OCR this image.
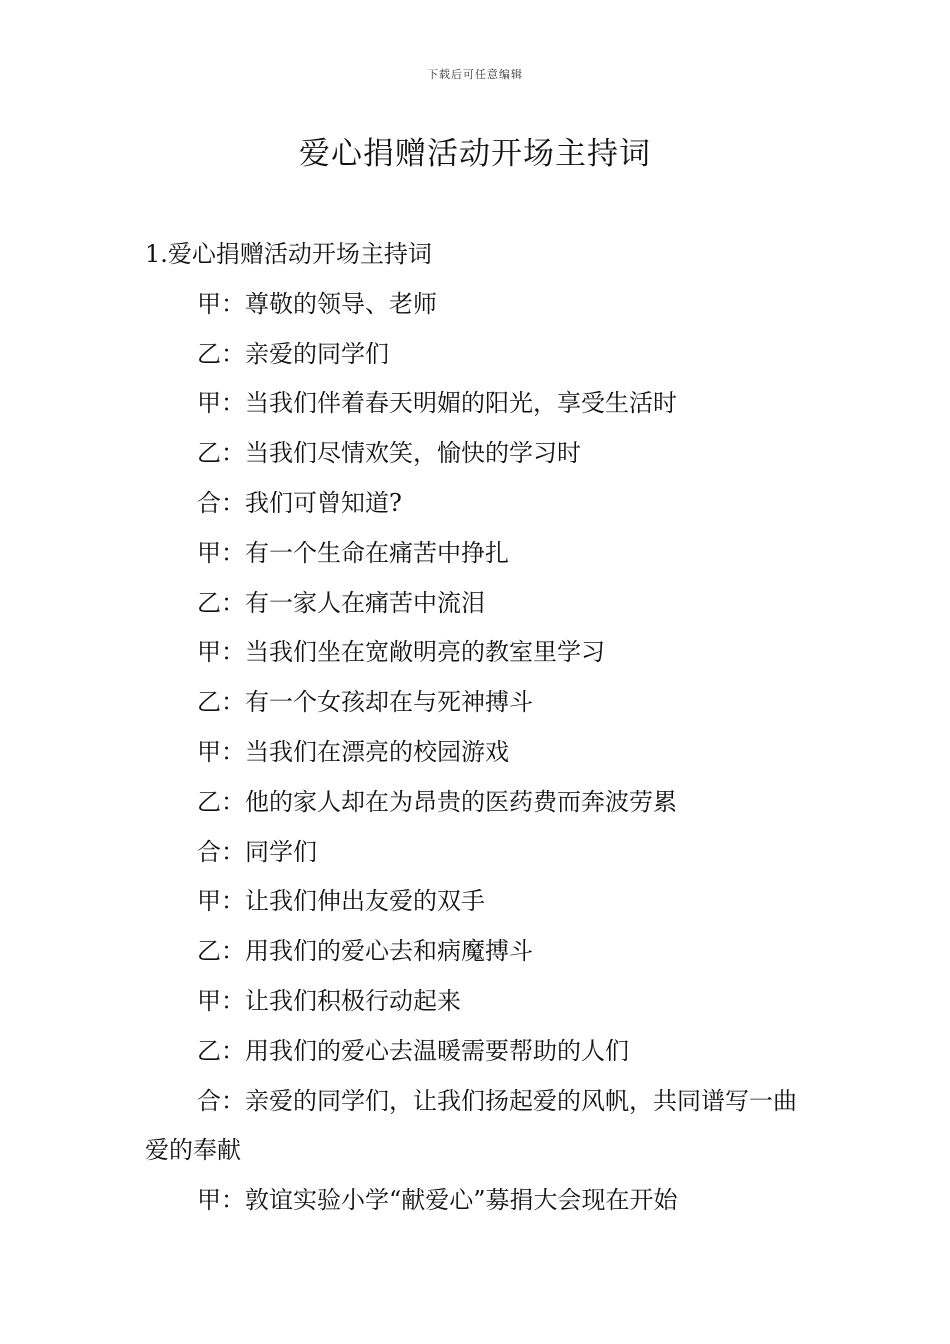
下载后可任意编辑
爱心捐赠活动开场主持词

1.爱心捐赠活动开场主持词

甲：尊敬的领导、老师

乙：亲爱的同学们

甲：当我们伴着春天明媚的阳光，享受生活时

乙：当我们尽情欢笑，愉快的学习时

合：我们可曾知道?

甲：有一个生命在痛苦中挣扎

乙：有一家人在痛苦中流泪

甲：当我们坐在宽敞明亮的教室里学习

乙：有一个女孩却在与死神搏斗

甲：当我们在漂亮的校园游戏

乙：他的家人却在为昂贵的医药费而奔波劳累

合：同学们

甲：让我们伸出友爱的双手

乙：用我们的爱心去和病魔搏斗

甲：让我们积极行动起来

乙：用我们的爱心去温暖需要帮助的人们

合：亲爱的同学们，让我们扬起爱的风帆，共同谱写一曲爱的奉献

甲：敦谊实验小学“献爱心”募捐大会现在开始
